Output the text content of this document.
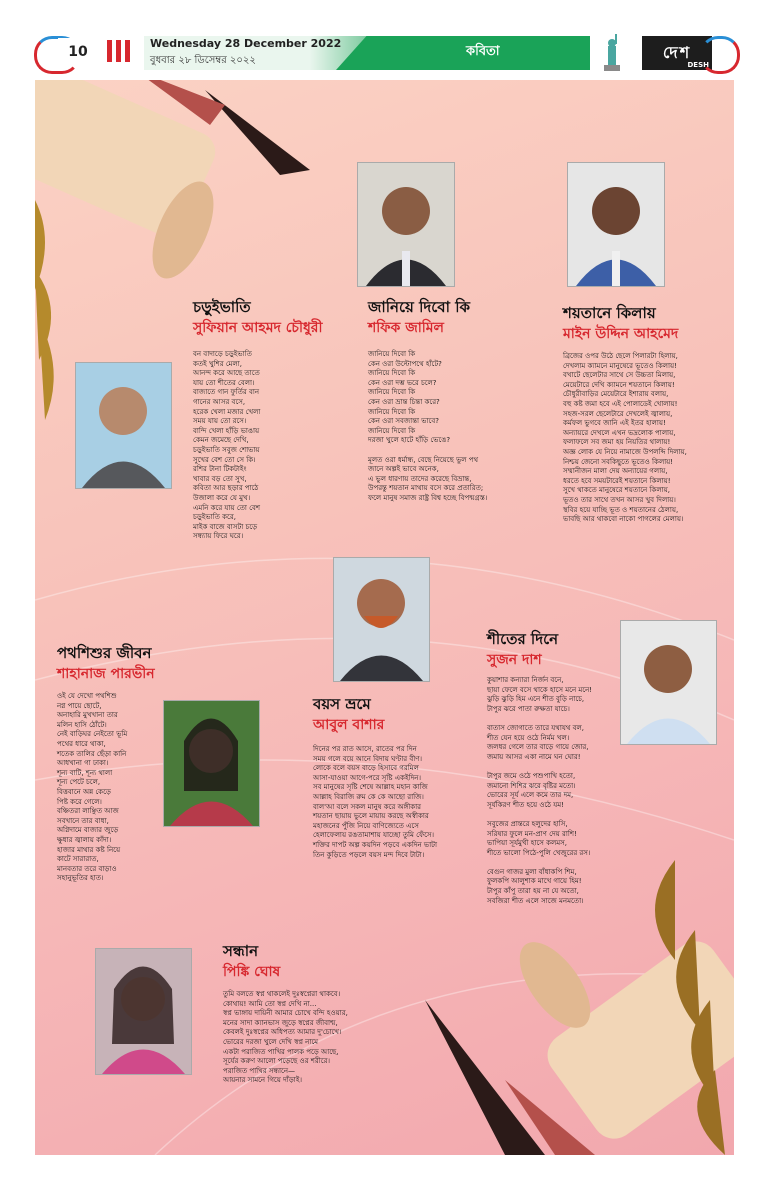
10
Wednesday 28 December 2022
বুধবার ২৮ ডিসেম্বর ২০২২
কবিতা	দেশ
DESH
চড়ুইভাতি
সুফিয়ান আহমদ চৌধুরী

বন বাদাড়ে চড়ুইভাতি
কতই খুশির মেলা,
আনন্দ করে আছে তাতে
যায় তো শীতের বেলা।
বাজাতে গান ফুর্তির বান
গানের আসর বসে,
হরেক খেলা মজার খেলা
সময় যায় তো রসে।
বান্দি খেলা হাঁড়ি ভাঙায়
কেমন জমেছে দেখি,
চড়ুইভাতি সবুজ শোভায়
সুখের বেশ তো সে কি।
রশির টানা টিকটাইং
খাবার বড় তো সুখ,
কবিতা আর ছড়ার পাঠে
উজালা করে যে মুখ।
এমনি করে যায় তো বেশ
চড়ুইভাতি করে,
মাইক বাজে বাসটা চড়ে
সন্ধ্যায় ফিরে ঘরে।

জানিয়ে দিবো কি
শফিক জামিল

জানিয়ে দিবো কি
কেন ওরা উল্টোপথে হাঁটে?
জানিয়ে দিবো কি
কেন ওরা দম্ভ ভরে চলে?
জানিয়ে দিবো কি
কেন ওরা ভ্রান্ত চিন্তা করে?
জানিয়ে দিবো কি
কেন ওরা সবজান্তা ভাবে?
জানিয়ে দিবো কি
দরজা খুলে হাটে হাঁড়ি ভেঙে?

মূলত ওরা ধর্মান্ধ, বেছে নিয়েছে ভুল পথ
জানে অল্পই ভাবে অনেক,
এ ভুল ধারণায় তাদের করেছে বিভ্রান্ত,
উপরন্তু শয়তান মাথায় বসে করে প্রতারিত;
ফলে মানুষ সমাজ রাষ্ট্র বিশ্ব হচ্ছে বিপন্মগ্রস্ত।

শয়তানে কিলায়
মাইন উদ্দিন আহমেদ

ব্রিজের ওপর উঠে ছেলে পিলারটা হিলায়,
দেখলাম ক্যামনে মানুষেরে ভূতেও কিলায়!
বখাটে ছেলেটার সাথে সে উচ্চতা মিলায়,
মেয়েটারে দেখি ক্যামনে শয়তানে কিলায়!
চৌধুরীবাড়ির মেয়েটারে ইশারায় বলায়,
বহু কষ্ট জমা হবে এই পোলাডেই খোলায়!
সহজ-সরল ছেলেটারে দেখলেই জ্বালায়,
কর্মফল ভুগবে জানি এই ইতর হালায়!
অন্যায়রে দেখলে এখন ভদ্রলোক পালায়,
ফলাফলে সব জমা হয় নিয়তির থালায়!
অজ্ঞ লোক যে নিয়ে নামাজে উপলব্দি দিলায়,
নিশ্চয় জেনো সবকিছুতে ভূতেও কিলায়!
সম্মানীজন মালা দেয় অন্যায়ের গলায়,
ধরতে হবে সময়টারেই শয়তানে কিলায়!
সুখে থাকতে মানুষেরে শয়তানে কিলায়,
ভূতও তার সাথে তখন আসর খুব দিলায়।
স্থবির হয়ে যাচ্ছি ভূত ও শয়তানের ঠেলায়,
ভাবছি আর থাকবো নাকো পাগলের মেলায়।

পথশিশুর জীবন
শাহানাজ পারভীন

ওই যে দেখো পথশিশু
নগ্ন পায়ে ছোটে,
অনাহারি মুখখানা তার
মলিন হাসি ঠোঁটে।
নেই বাড়িঘর নেইতো ভূমি
পথের ধারে থাকা,
শতেক তালির ছেঁড়া কানি
আধখানা গা ঢাকা।
শূন্য বাটি, শূন্য থালা
শূন্য পেটে চলে,
বিত্তবানে অন্ন কেড়ে
পিষ্ট করে গেলে।
বঞ্চিতরা লাঞ্ছিত আজ
সবখানে তার বাধা,
অগ্নিদামে বাজার জুড়ে
ক্ষুধার জ্বালায় কাঁদা।
হাজার মাথার কষ্ট নিয়ে
কাটে সারারাত,
মানবতার তরে বাড়াও
সহানুভূতির হাত।

বয়স ভ্রমে
আবুল বাশার

দিনের পর রাত আসে, রাতের পর দিন
সময় গলে বয়ে আনে বিদায় ঘণ্টার বীণ।
লোকে বলে বয়স বাড়ে হিসাবে গরমিল
আসা-যাওয়া আগে-পরে সৃষ্টি একইদিন।
সব মানুষের সৃষ্টি শেষে আল্লাহ মহান কাজি
আল্লাহ বিরাজি রুম কে কে আছো রাজি।
বাল'আ বলে সকল মানুষ করে অঙ্গীকার
শয়তান ছায়ায় ভুলে মায়ায় করছে অস্বীকার
মহাজনের পুঁজি নিয়ে বাণিজ্যেতে এসে
হেলাফেলায় রঙতামাশায় যাচ্ছো তুমি ফেঁসে।
শক্তির দাপট অল্প কয়দিন পড়বে একদিন ভাটা
তিন কুড়িতে পড়লে বয়স মন্দ দিবে টাটা।

শীতের দিনে
সুজন দাশ

কুয়াশার কন্যারা নির্জন বনে,
ছায়া ফেলে বসে থাকে হাসে মনে মনে!
ঝুড়ি ঝুড়ি হিম এনে শীত বুড়ি নাচে,
টাপুর ঝরে পাতা রুক্ষতা যাচে।

বাতাস জোগাতে তারে যথাযথ বল,
শীত যেন হয়ে ওঠে নির্মম খল।
জলধর গেলে তার বাড়ে গায়ে জোর,
জমায় আসর একা নামে ঘন ঘোর!

টাপুর জমে ওঠে পশুপাখি হতো,
জমানো শিশির ঝরে বৃষ্টির মতো।
ভোরের সূর্য এলে কমে তার দম,
সূর্যকিরণ শীত হয়ে ওঠে যম!

সবুজের প্রান্তরে হলুদের হাসি,
সরিষার ফুলে মন-প্রাণ দেয় রাশি!
ভাপিয়া সূর্যমুখী হাসে কলমস,
শীতে ভালো পিঠে-পুলি খেজুরের রস।

বেগুন গাজর মুলা বাঁধাকপি শিম,
ফুলকপি আলুশাক মাখে গায়ে হিম!
টাপুর কাঁপু তারা হয় না যে অতো,
সবজিরা শীত এলে সাজে মনমতো।

সন্ধান
পিঙ্কি ঘোষ

তুমি বলতে স্বপ্ন থাকলেই দুঃস্বপ্নেরা থাকবে।
কোথায়! আমি তো স্বপ্ন দেখি না...
স্বপ্ন ভাঙ্গায় দায়িনী আমার চোখে বন্দি হওয়ার,
মনের সাদা ক্যানভাস জুড়ে স্বপ্নের জীবাশ্ম,
কেবলই দুঃস্বপ্নের অধিপত্য আমার দু'চোখে।
ভোরের দরজা খুলে দেখি স্বপ্ন নামে
একটা পরাজিত পাখির পালক পড়ে আছে,
সূর্যের করুণ আলো পড়েছে ওর শরীরে।
পরাজিত পাখির সন্ধানে—
আয়নার সামনে গিয়ে দাঁড়াই।
